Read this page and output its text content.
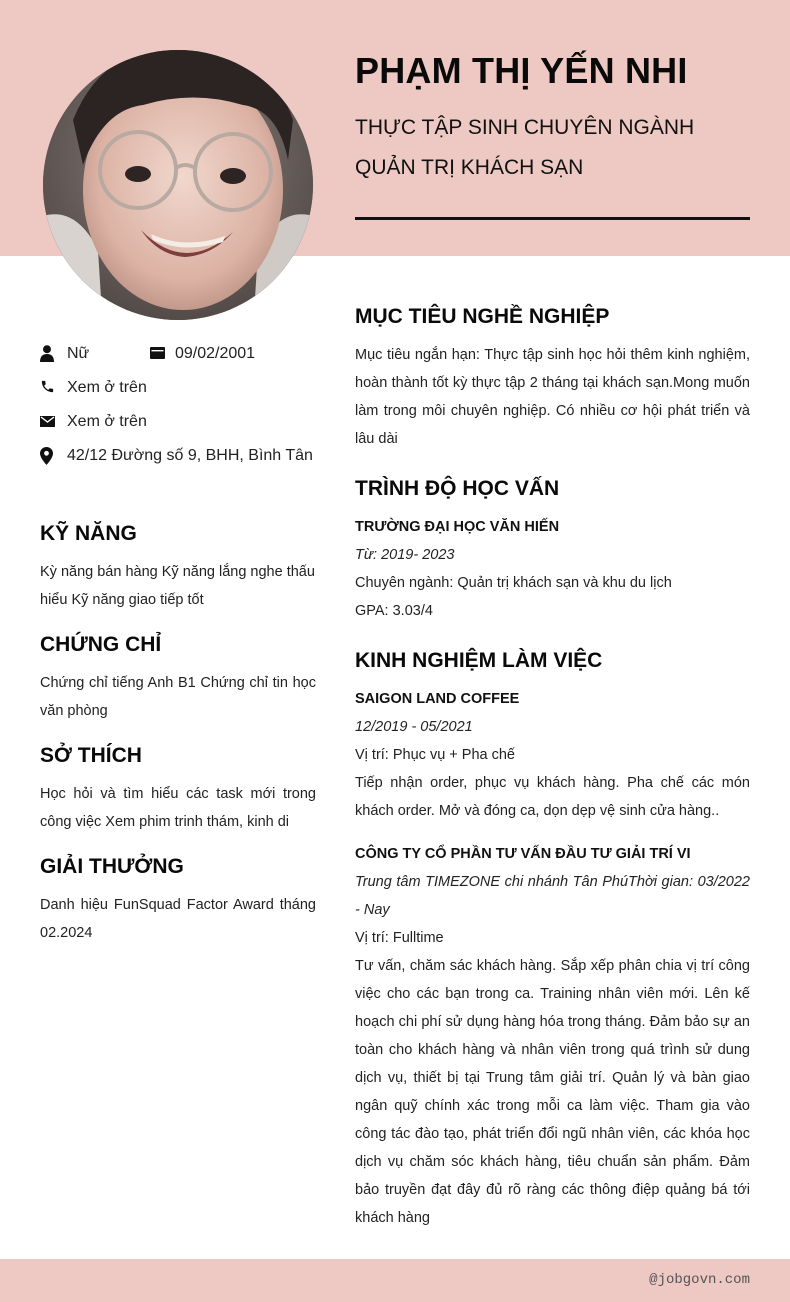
PHẠM THỊ YẾN NHI
THỰC TẬP SINH CHUYÊN NGÀNH QUẢN TRỊ KHÁCH SẠN
Nữ	09/02/2001
Xem ở trên
Xem ở trên
42/12 Đường số 9, BHH, Bình Tân
KỸ NĂNG
Kỳ năng bán hàng Kỹ năng lắng nghe thấu hiểu Kỹ năng giao tiếp tốt
CHỨNG CHỈ
Chứng chỉ tiếng Anh B1 Chứng chỉ tin học văn phòng
SỞ THÍCH
Học hỏi và tìm hiểu các task mới trong công việc Xem phim trinh thám, kinh di
GIẢI THƯỞNG
Danh hiệu FunSquad Factor Award tháng 02.2024
MỤC TIÊU NGHỀ NGHIỆP
Mục tiêu ngắn hạn: Thực tập sinh học hỏi thêm kinh nghiệm, hoàn thành tốt kỳ thực tập 2 tháng tại khách sạn.Mong muốn làm trong môi chuyên nghiệp. Có nhiều cơ hội phát triển và lâu dài
TRÌNH ĐỘ HỌC VẤN
TRƯỜNG ĐẠI HỌC VĂN HIẾN
Từ: 2019- 2023
Chuyên ngành: Quản trị khách sạn và khu du lịch
GPA: 3.03/4
KINH NGHIỆM LÀM VIỆC
SAIGON LAND COFFEE
12/2019 - 05/2021
Vị trí: Phục vụ + Pha chế
Tiếp nhận order, phục vụ khách hàng. Pha chế các món khách order. Mở và đóng ca, dọn dẹp vệ sinh cửa hàng..
CÔNG TY CỔ PHẦN TƯ VẤN ĐẦU TƯ GIẢI TRÍ VI
Trung tâm TIMEZONE chi nhánh Tân PhúThời gian: 03/2022 - Nay
Vị trí: Fulltime
Tư vấn, chăm sác khách hàng. Sắp xếp phân chia vị trí công việc cho các bạn trong ca. Training nhân viên mới. Lên kế hoạch chi phí sử dụng hàng hóa trong tháng. Đảm bảo sự an toàn cho khách hàng và nhân viên trong quá trình sử dung dịch vụ, thiết bị tại Trung tâm giải trí. Quản lý và bàn giao ngân quỹ chính xác trong mỗi ca làm việc. Tham gia vào công tác đào tạo, phát triển đổi ngũ nhân viên, các khóa học dịch vụ chăm sóc khách hàng, tiêu chuẩn sản phẩm. Đảm bảo truyền đạt đây đủ rõ ràng các thông điệp quảng bá tới khách hàng
@jobgovn.com
